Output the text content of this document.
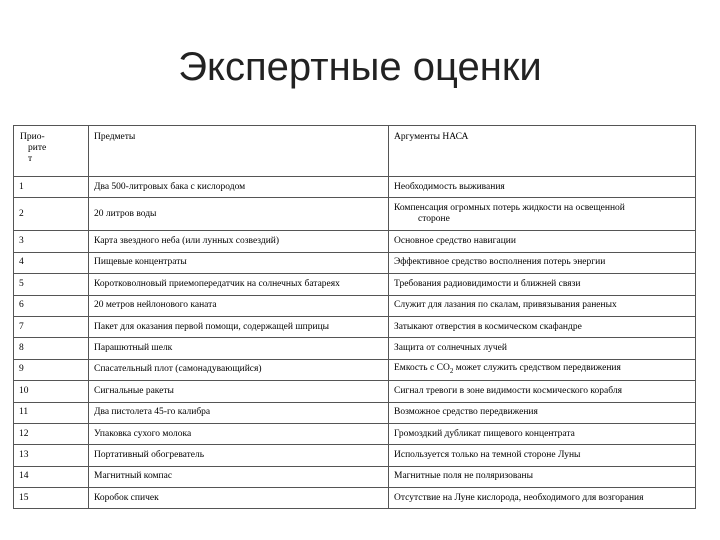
Экспертные оценки
Прио-
рите
т	Предметы	Аргументы НАСА
1	Два 500-литровых бака с кислородом	Необходимость выживания
2	20 литров воды	Компенсация огромных потерь жидкости на освещенной
стороне

3	Карта звездного неба (или лунных созвездий)	Основное средство навигации
4	Пищевые концентраты	Эффективное средство восполнения потерь энергии
5	Коротковолновый приемопередатчик на солнечных батареях	Требования радиовидимости и ближней связи
6	20 метров нейлонового каната	Служит для лазания по скалам, привязывания раненых
7	Пакет для оказания первой помощи, содержащей шприцы	Затыкают отверстия в космическом скафандре
8	Парашютный шелк	Защита от солнечных лучей
9	Спасательный плот (самонадувающийся)	Емкость с $СО_2$ может служить средством передвижения
10	Сигнальные ракеты	Сигнал тревоги в зоне видимости космического корабля
11	Два пистолета 45-го калибра	Возможное средство передвижения
12	Упаковка сухого молока	Громоздкий дубликат пищевого концентрата
13	Портативный обогреватель	Используется только на темной стороне Луны
14	Магнитный компас	Магнитные поля не поляризованы
15	Коробок спичек	Отсутствие на Луне кислорода, необходимого для возгорания
